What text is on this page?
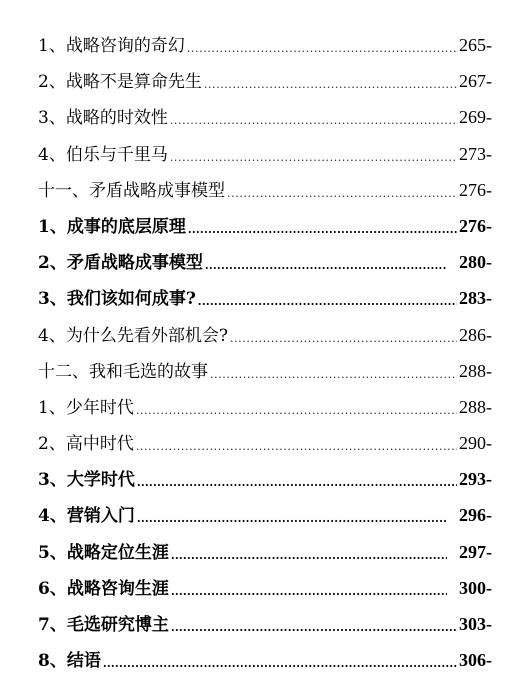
1、战略咨询的奇幻 .....	265-
2、战略不是算命先生 .....	267-
3、战略的时效性 .....	269-
4、伯乐与千里马 .....	273-
十一、矛盾战略成事模型 .....	276-
1、成事的底层原理 .....	276-
2、矛盾战略成事模型 .....	280-
3、我们该如何成事? .....	283-
4、为什么先看外部机会? .....	286-
十二、我和毛选的故事 .....	288-
1、少年时代 .....	288-
2、高中时代 .....	290-
3、大学时代 .....	293-
4、营销入门 .....	296-
5、战略定位生涯 .....	297-
6、战略咨询生涯 .....	300-
7、毛选研究博主 .....	303-
8、结语 .....	306-
